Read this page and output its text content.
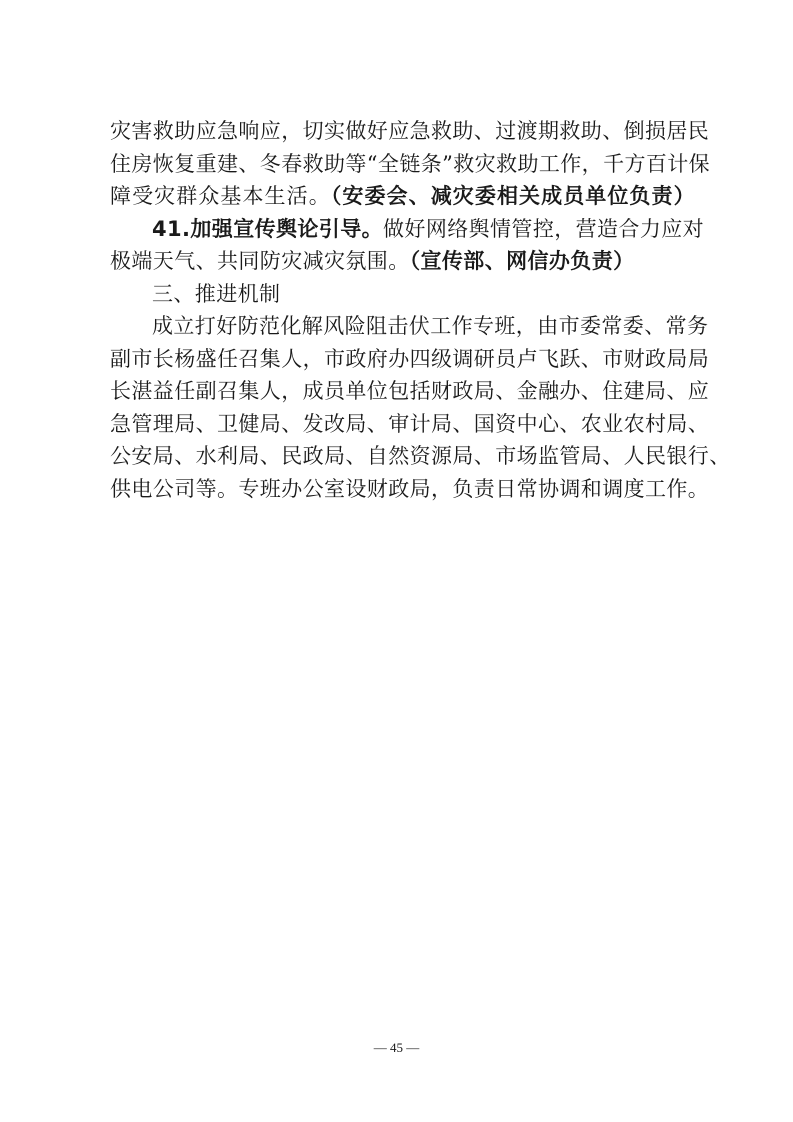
灾害救助应急响应，切实做好应急救助、过渡期救助、倒损居民
住房恢复重建、冬春救助等“全链条”救灾救助工作，千方百计保
障受灾群众基本生活。（安委会、减灾委相关成员单位负责）
41.加强宣传舆论引导。做好网络舆情管控，营造合力应对
极端天气、共同防灾减灾氛围。（宣传部、网信办负责）
三、推进机制
成立打好防范化解风险阻击伏工作专班，由市委常委、常务
副市长杨盛任召集人，市政府办四级调研员卢飞跃、市财政局局
长湛益任副召集人，成员单位包括财政局、金融办、住建局、应
急管理局、卫健局、发改局、审计局、国资中心、农业农村局、
公安局、水利局、民政局、自然资源局、市场监管局、人民银行、
供电公司等。专班办公室设财政局，负责日常协调和调度工作。
— 45 —
